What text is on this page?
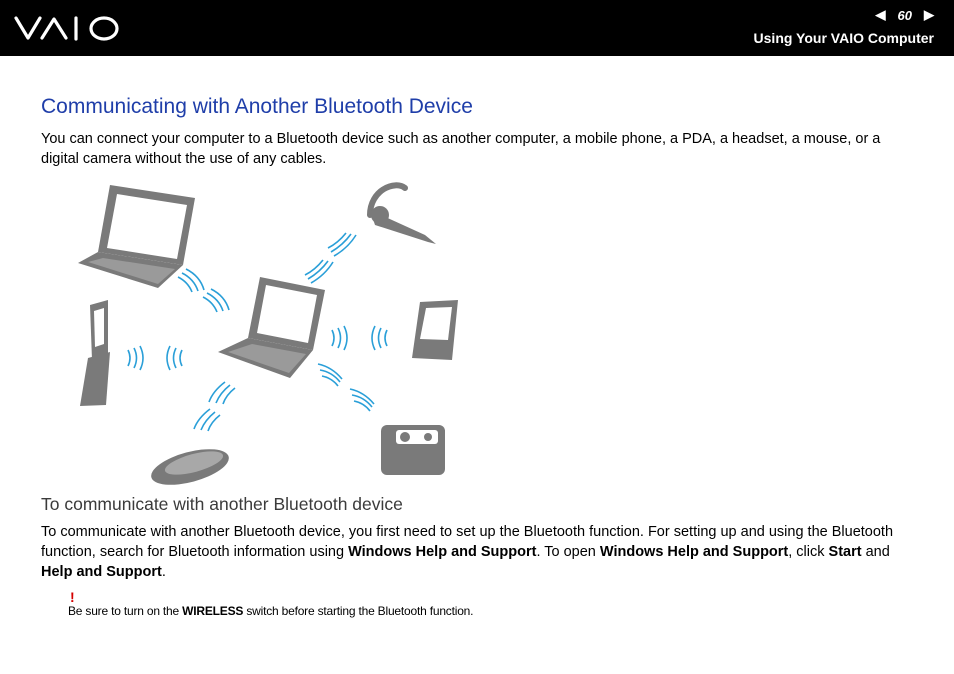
◀ 60 ▶
Using Your VAIO Computer
Communicating with Another Bluetooth Device

You can connect your computer to a Bluetooth device such as another computer, a mobile phone, a PDA, a headset, a mouse, or a digital camera without the use of any cables.

To communicate with another Bluetooth device

To communicate with another Bluetooth device, you first need to set up the Bluetooth function. For setting up and using the Bluetooth function, search for Bluetooth information using Windows Help and Support. To open Windows Help and Support, click Start and Help and Support.

!
Be sure to turn on the WIRELESS switch before starting the Bluetooth function.
